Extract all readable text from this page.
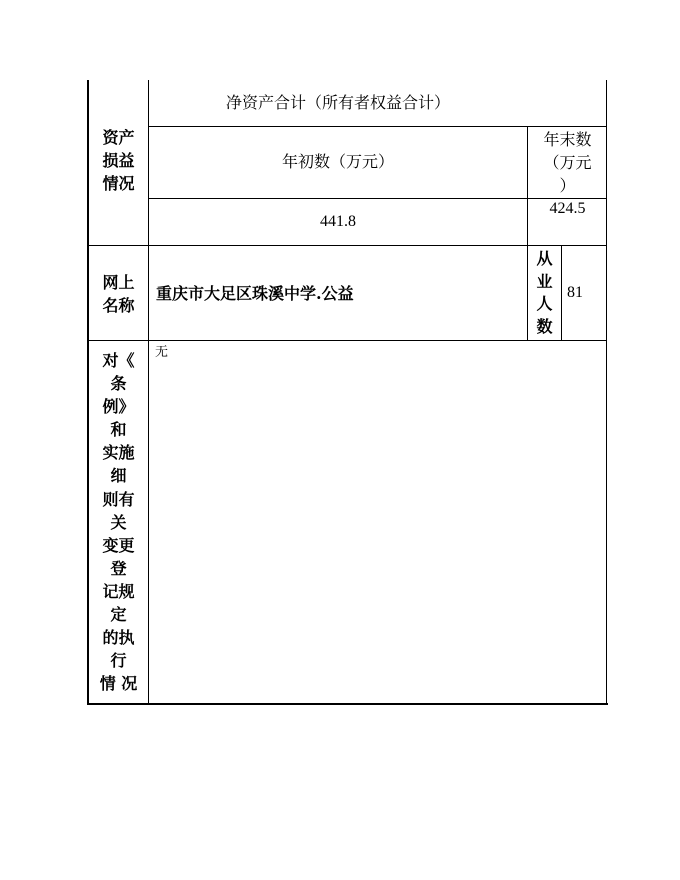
资产
损益
情况
净资产合计（所有者权益合计）
年初数（万元）
年末数
（万元
）
441.8
424.5
网上
名称
重庆市大足区珠溪中学.公益
从
业
人
数
81
对《
条
例》
和
实施
细
则有
关
变更
登
记规
定
的执
行
情 况
无
